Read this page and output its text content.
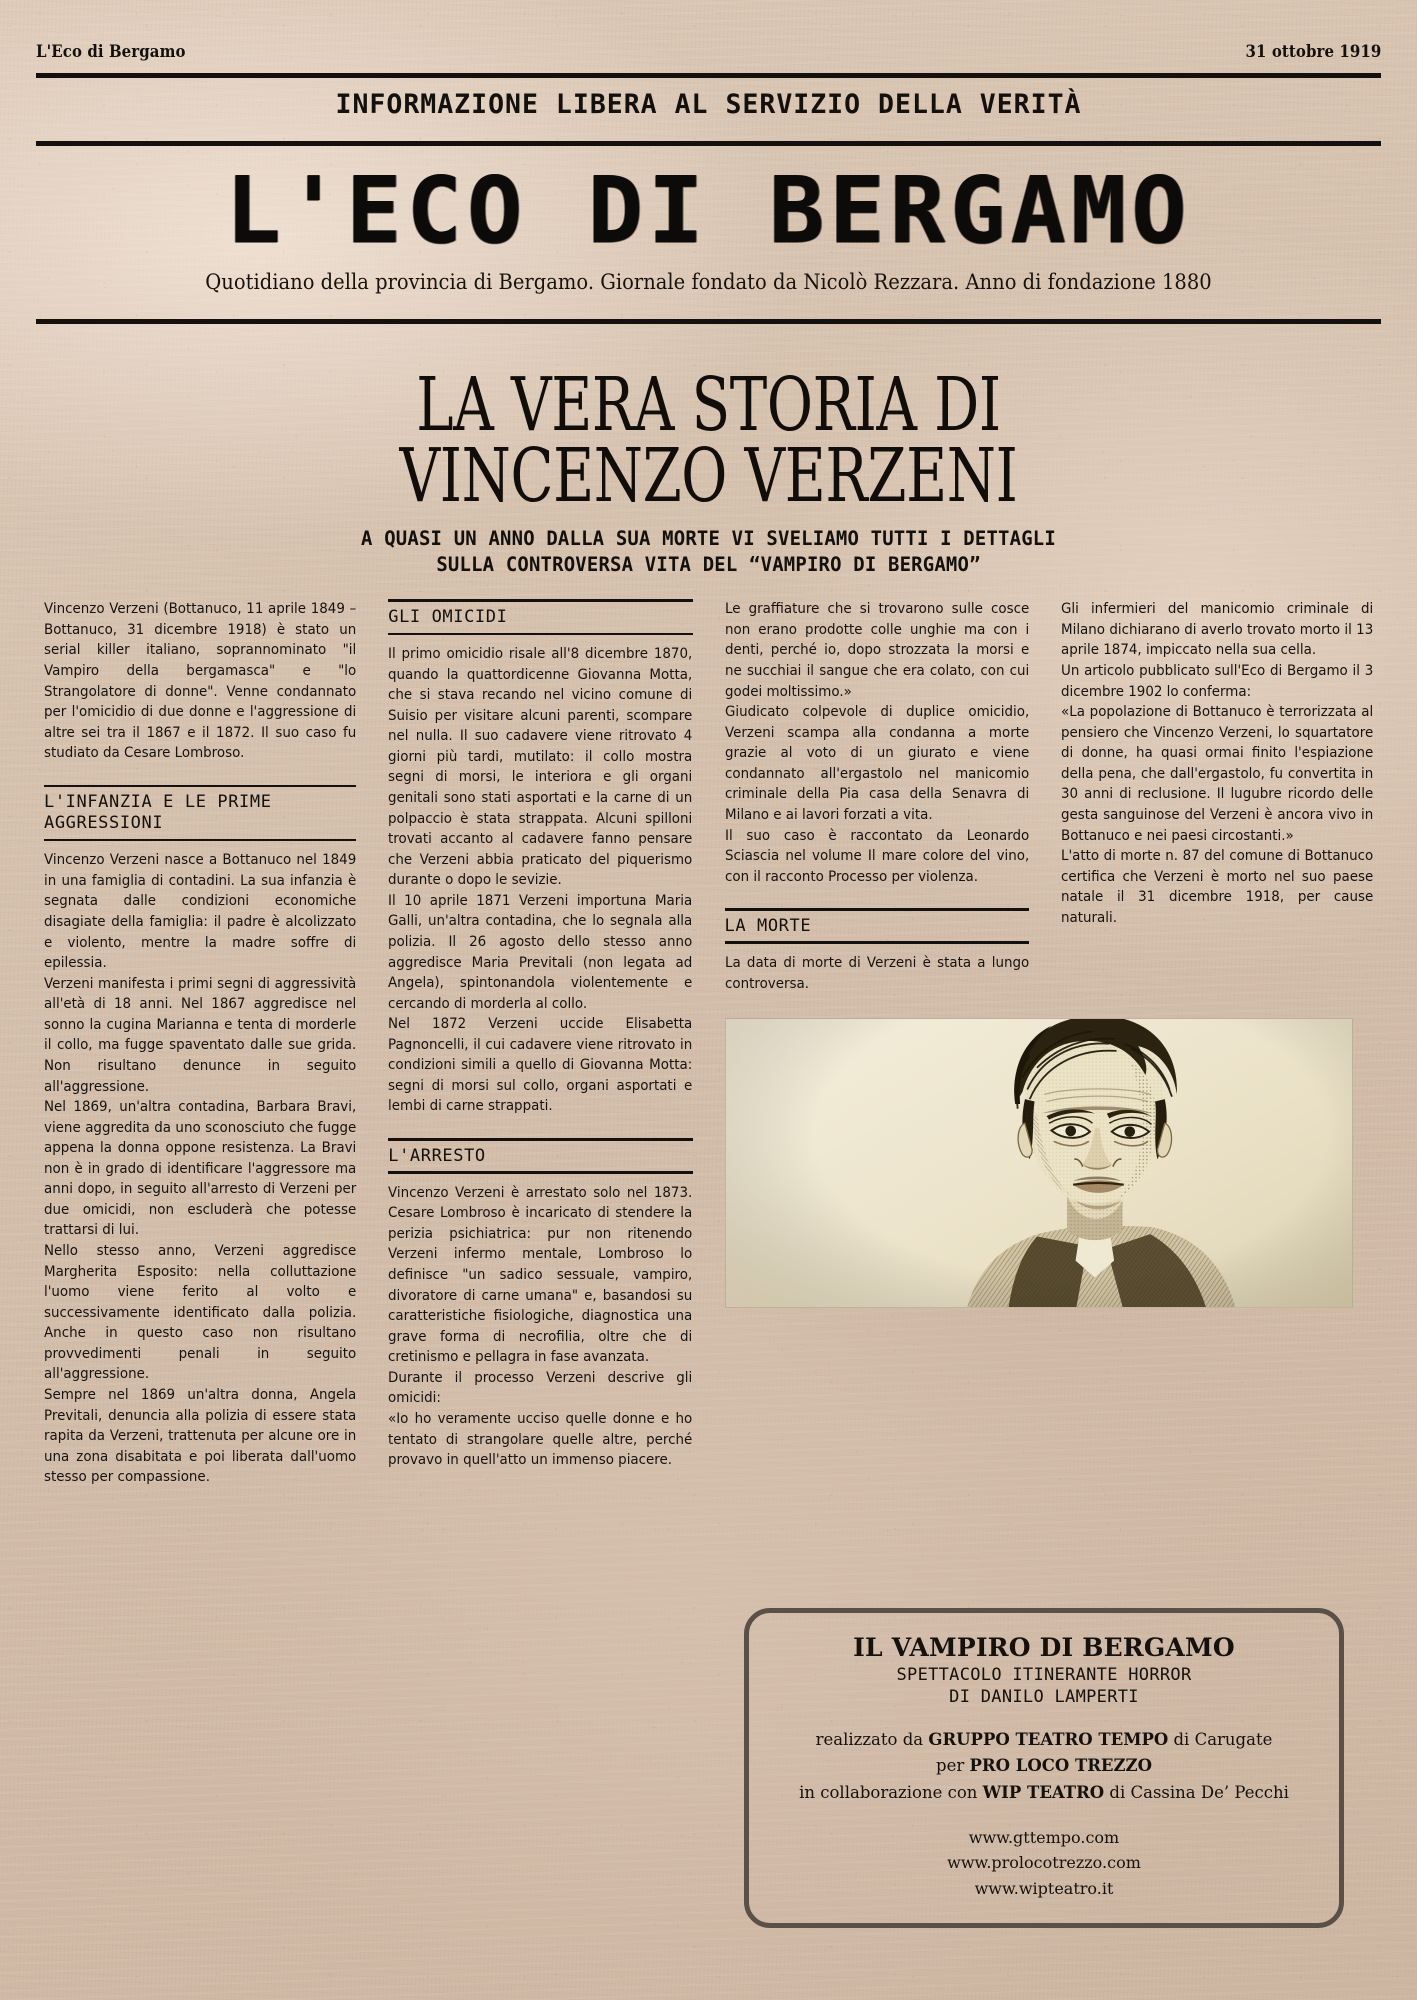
L'Eco di Bergamo	31 ottobre 1919
INFORMAZIONE LIBERA AL SERVIZIO DELLA VERITÀ
L'ECO DI BERGAMO
Quotidiano della provincia di Bergamo. Giornale fondato da Nicolò Rezzara. Anno di fondazione 1880
LA VERA STORIA DI
VINCENZO VERZENI
A QUASI UN ANNO DALLA SUA MORTE VI SVELIAMO TUTTI I DETTAGLI
SULLA CONTROVERSA VITA DEL “VAMPIRO DI BERGAMO”

Vincenzo Verzeni (Bottanuco, 11 aprile 1849 – Bottanuco, 31 dicembre 1918) è stato un serial killer italiano, soprannominato "il Vampiro della bergamasca" e "lo Strangolatore di donne". Venne condannato per l'omicidio di due donne e l'aggressione di altre sei tra il 1867 e il 1872. Il suo caso fu studiato da Cesare Lombroso.

L'INFANZIA E LE PRIME AGGRESSIONI

Vincenzo Verzeni nasce a Bottanuco nel 1849 in una famiglia di contadini. La sua infanzia è segnata dalle condizioni economiche disagiate della famiglia: il padre è alcolizzato e violento, mentre la madre soffre di epilessia.

Verzeni manifesta i primi segni di aggressività all'età di 18 anni. Nel 1867 aggredisce nel sonno la cugina Marianna e tenta di morderle il collo, ma fugge spaventato dalle sue grida. Non risultano denunce in seguito all'aggressione.

Nel 1869, un'altra contadina, Barbara Bravi, viene aggredita da uno sconosciuto che fugge appena la donna oppone resistenza. La Bravi non è in grado di identificare l'aggressore ma anni dopo, in seguito all'arresto di Verzeni per due omicidi, non escluderà che potesse trattarsi di lui.

Nello stesso anno, Verzeni aggredisce Margherita Esposito: nella colluttazione l'uomo viene ferito al volto e successivamente identificato dalla polizia. Anche in questo caso non risultano provvedimenti penali in seguito all'aggressione.

Sempre nel 1869 un'altra donna, Angela Previtali, denuncia alla polizia di essere stata rapita da Verzeni, trattenuta per alcune ore in una zona disabitata e poi liberata dall'uomo stesso per compassione.

GLI OMICIDI

Il primo omicidio risale all'8 dicembre 1870, quando la quattordicenne Giovanna Motta, che si stava recando nel vicino comune di Suisio per visitare alcuni parenti, scompare nel nulla. Il suo cadavere viene ritrovato 4 giorni più tardi, mutilato: il collo mostra segni di morsi, le interiora e gli organi genitali sono stati asportati e la carne di un polpaccio è stata strappata. Alcuni spilloni trovati accanto al cadavere fanno pensare che Verzeni abbia praticato del piquerismo durante o dopo le sevizie.

Il 10 aprile 1871 Verzeni importuna Maria Galli, un'altra contadina, che lo segnala alla polizia. Il 26 agosto dello stesso anno aggredisce Maria Previtali (non legata ad Angela), spintonandola violentemente e cercando di morderla al collo.

Nel 1872 Verzeni uccide Elisabetta Pagnoncelli, il cui cadavere viene ritrovato in condizioni simili a quello di Giovanna Motta: segni di morsi sul collo, organi asportati e lembi di carne strappati.

L'ARRESTO

Vincenzo Verzeni è arrestato solo nel 1873. Cesare Lombroso è incaricato di stendere la perizia psichiatrica: pur non ritenendo Verzeni infermo mentale, Lombroso lo definisce "un sadico sessuale, vampiro, divoratore di carne umana" e, basandosi su caratteristiche fisiologiche, diagnostica una grave forma di necrofilia, oltre che di cretinismo e pellagra in fase avanzata.

Durante il processo Verzeni descrive gli omicidi:

«Io ho veramente ucciso quelle donne e ho tentato di strangolare quelle altre, perché provavo in quell'atto un immenso piacere.

Le graffiature che si trovarono sulle cosce non erano prodotte colle unghie ma con i denti, perché io, dopo strozzata la morsi e ne succhiai il sangue che era colato, con cui godei moltissimo.»

Giudicato colpevole di duplice omicidio, Verzeni scampa alla condanna a morte grazie al voto di un giurato e viene condannato all'ergastolo nel manicomio criminale della Pia casa della Senavra di Milano e ai lavori forzati a vita.

Il suo caso è raccontato da Leonardo Sciascia nel volume Il mare colore del vino, con il racconto Processo per violenza.

LA MORTE

La data di morte di Verzeni è stata a lungo controversa.

Gli infermieri del manicomio criminale di Milano dichiarano di averlo trovato morto il 13 aprile 1874, impiccato nella sua cella.

Un articolo pubblicato sull'Eco di Bergamo il 3 dicembre 1902 lo conferma:

«La popolazione di Bottanuco è terrorizzata al pensiero che Vincenzo Verzeni, lo squartatore di donne, ha quasi ormai finito l'espiazione della pena, che dall'ergastolo, fu convertita in 30 anni di reclusione. Il lugubre ricordo delle gesta sanguinose del Verzeni è ancora vivo in Bottanuco e nei paesi circostanti.»

L'atto di morte n. 87 del comune di Bottanuco certifica che Verzeni è morto nel suo paese natale il 31 dicembre 1918, per cause naturali.

IL VAMPIRO DI BERGAMO
SPETTACOLO ITINERANTE HORROR
DI DANILO LAMPERTI
realizzato da GRUPPO TEATRO TEMPO di Carugate
per PRO LOCO TREZZO
in collaborazione con WIP TEATRO di Cassina De’ Pecchi
www.gttempo.com
www.prolocotrezzo.com
www.wipteatro.it
